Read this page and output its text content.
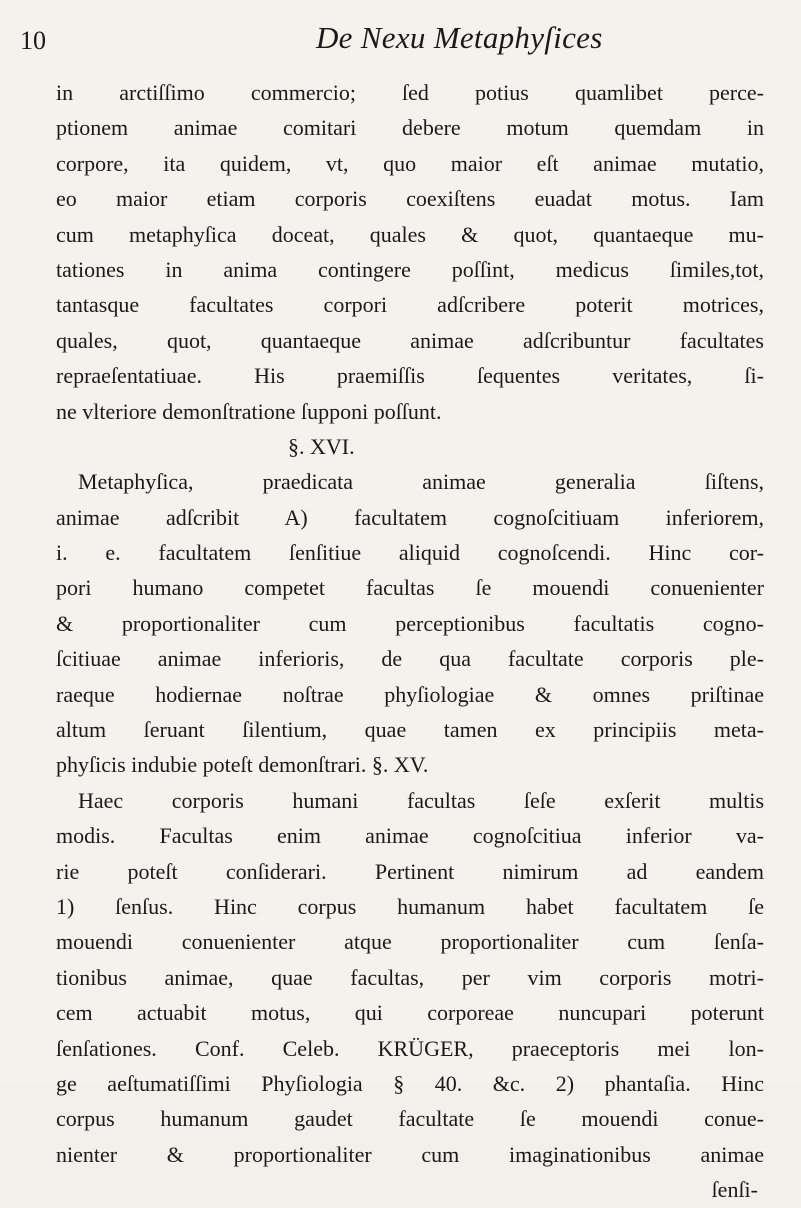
10	De Nexu Metaphyſices
in arctiſſimo commercio; ſed potius quamlibet perce-
ptionem animae comitari debere motum quemdam in
corpore, ita quidem, vt, quo maior eſt animae mutatio,
eo maior etiam corporis coexiſtens euadat motus. Iam
cum metaphyſica doceat, quales & quot, quantaeque mu-
tationes in anima contingere poſſint, medicus ſimiles,tot,
tantasque facultates corpori adſcribere poterit motrices,
quales, quot, quantaeque animae adſcribuntur facultates
repraeſentatiuae. His praemiſſis ſequentes veritates, ſi-
ne vlteriore demonſtratione ſupponi poſſunt.
§. XVI.
Metaphyſica, praedicata animae generalia ſiſtens,
animae adſcribit A) facultatem cognoſcitiuam inferiorem,
i. e. facultatem ſenſitiue aliquid cognoſcendi. Hinc cor-
pori humano competet facultas ſe mouendi conuenienter
& proportionaliter cum perceptionibus facultatis cogno-
ſcitiuae animae inferioris, de qua facultate corporis ple-
raeque hodiernae noſtrae phyſiologiae & omnes priſtinae
altum ſeruant ſilentium, quae tamen ex principiis meta-
phyſicis indubie poteſt demonſtrari. §. XV.
Haec corporis humani facultas ſeſe exſerit multis
modis. Facultas enim animae cognoſcitiua inferior va-
rie poteſt conſiderari. Pertinent nimirum ad eandem
1) ſenſus. Hinc corpus humanum habet facultatem ſe
mouendi conuenienter atque proportionaliter cum ſenſa-
tionibus animae, quae facultas, per vim corporis motri-
cem actuabit motus, qui corporeae nuncupari poterunt
ſenſationes. Conf. Celeb. KRÜGER, praeceptoris mei lon-
ge aeſtumatiſſimi Phyſiologia § 40. &c. 2) phantaſia. Hinc
corpus humanum gaudet facultate ſe mouendi conue-
nienter & proportionaliter cum imaginationibus animae
ſenſi-
